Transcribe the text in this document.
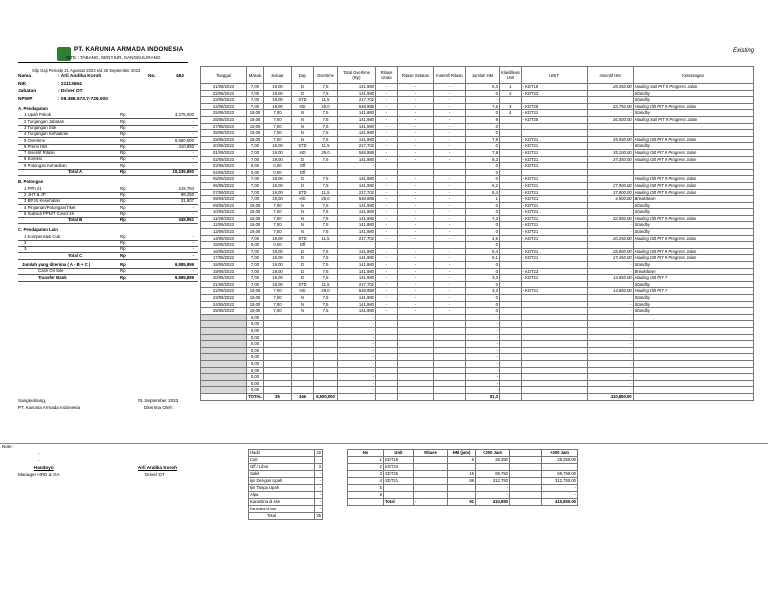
PT. KARUNIA ARMADA INDONESIA
SITE : TABANG, SENYIUR, SANGKULIRANG
Existing
Slip Gaji Periode 21 Agustus 2023 s/d 25 September 2023
Nama	: Arli Andika Koroh	No.	482
NIK	: 21113654
Jabatan	: Driver DT
NPWP	: 09.388.573.7-729.000
A. Pendapatan
1 Upah Pokok	Rp	3,275,000
2 Tunjangan Jabatan	Rp	-
3 Tunjangan Site	Rp	-
4 Tunjangan Kehadiran	Rp	-
5 Overtime	Rp	6,550,000
6 Premi HM	Rp	410,850
7 Insentif Ritase	Rp	-
8 Koreksi	Rp	-
9 Potongan Kehadiran	Rp	-
Total A	Rp	10,235,850
B. Potongan
1 PPh 21	Rp	219,784
2 JHT & JP	Rp	98,250
3 BPJS Kesehatan	Rp	31,907
4 Pinjaman/Potongan/Tiket	Rp	-
5 Subsidi PPN/T Covid-19	Rp	-
Total B	Rp	349,951
C. Pendapatan Lain
1 Kompensasi Cuti	Rp	-
2	Rp	-
3	Rp	-
Total C	Rp	-
Jumlah yang diterima ( A - B + C )	Rp	9,885,899
Cash On Site	Rp	-
Transfer Bank	Rp	9,885,899
Sangkulirang,	01 September 2023
PT. Karunia Armada Indonesia	Diterima Oleh :
Handoyo
Manager HRD & GA
Arli Andika Koroh
Driver DT
Note :
-
-
Tanggal	Masuk	Keluar	Day	Overtime	Total Overtime (Rp)	Ritase Utara	Ritase Selatan	Insentif Ritase	Jumlah HM	Klasifikasi Unit	UNIT	Insentif HM	Keterangan
21/08/2023	7,00	19,00	D	7,5	141,980	-	-	-	6,3	1	- KDT18	28,350.00	Hauling Sail PIT 9 Progress Jalan
22/08/2023	7,00	19,00	D	7,5	141,980	-	-	-	0	2	- KDT23	-	Standby
23/08/2023	7,00	19,00	STD	11,5	217,702	-	-	-	-				Standby
24/08/2023	7,00	19,00	HD	29,0	548,988	-	-	-	7,5	3	- KDT25	33,750.00	Hauling OB PIT 9 Progress Jalan
25/08/2023	19,00	7,00	N	7,5	141,980	-	-	-	0	4	- KDT21	-	Standby
26/08/2023	19,00	7,00	N	7,5	141,980	-	-	-	8		- KDT25	36,000.00	Hauling Sail PIT 9 Progress Jalan
27/08/2023	19,00	7,00	N	7,5	141,980	-	-	-	0			-	
28/08/2023	19,00	7,00	N	7,5	141,980	-	-	-	0			-	
29/08/2023	19,00	7,00	N	7,5	141,980	-	-	-	7,9		- KDT21	35,550.00	Hauling OB PIT 9 Progress Jalan
30/08/2023	7,00	19,00	STD	11,5	217,702	-	-	-	0		- KDT21	-	Standby
01/09/2023	7,00	19,00	HD	29,0	548,988	-	-	-	7,8		- KDT21	35,100.00	Hauling OB PIT 9 Progress Jalan
02/09/2023	7,00	19,00	D	7,5	141,980	-	-	-	8,3		- KDT21	37,350.00	Hauling OB PIT 9 Progress Jalan
03/09/2023	0,00	0,00	Off		-				0		- KDT21		
04/09/2023	0,00	0,00	Off						0				
05/09/2023	7,00	19,00	D	7,5	141,980	-	-	-	0		- KDT21	-	Hauling OB PIT 9 Progress Jalan
06/09/2023	7,00	19,00	D	7,5	141,980	-	-	-	6,2		- KDT21	27,900.00	Hauling OB PIT 9 Progress Jalan
07/09/2023	7,00	19,00	STD	11,5	217,702	-	-	-	8,4		- KDT21	37,800.00	Hauling OB PIT 9 Progress Jalan
08/09/2023	7,00	19,00	HD	29,0	548,988	-	-	-	1		- KDT21	4,500.00	Breakdown
09/09/2023	19,00	7,00	N	7,5	141,980	-	-	-	0		- KDT21	-	Standby
10/09/2023	19,00	7,00	N	7,5	141,980	-	-	-	0		- KDT21	-	Standby
11/09/2023	19,00	7,00	N	7,5	141,980	-	-	-	7,3		- KDT21	32,850.00	Hauling OB PIT 9 Progress Jalan
12/09/2023	19,00	7,00	N	7,5	141,980	-	-	-	0		- KDT21	-	Standby
13/09/2023	19,00	7,00	N	7,5	141,980	-	-	-	0		- KDT21	-	Standby
14/09/2023	7,00	19,00	STD	11,5	217,702	-	-	-	4,5		- KDT21	20,250.00	Hauling OB PIT 9 Progress Jalan
15/09/2023	0,00	0,00	Off						0				
16/09/2023	7,00	19,00	D	7,5	141,980	-	-	-	6,4		- KDT21	28,800.00	Hauling OB PIT 9 Progress Jalan
17/09/2023	7,00	19,00	D	7,5	141,980	-	-	-	6,1		- KDT21	27,450.00	Hauling OB PIT 9 Progress Jalan
18/09/2023	7,00	19,00	D	7,5	141,980	-	-	-	0			-	Standby
19/09/2023	7,00	19,00	D	7,5	141,980	-	-	-	0		- KDT23	-	Breakdown
20/09/2023	7,00	19,00	D	7,5	141,980	-	-	-	3,3		- KDT21	14,850.00	Hauling OB PIT 7
21/09/2023	7,00	19,00	STD	11,5	217,702	-	-	-	0			-	Standby
22/09/2023	19,00	7,00	HD	29,0	548,988	-	-	-	3,3		- KDT21	14,850.00	Hauling OB PIT 7
23/09/2023	19,00	7,00	N	7,5	141,980	-	-	-	0			-	Standby
24/09/2023	19,00	7,00	N	7,5	141,980	-	-	-	0			-	Standby
25/09/2023	19,00	7,00	N	7,5	141,980	-	-	-	0			-	Standby
	0,00				-				-			-	
	0,00				-				-			-	
	0,00				-				-			-	
	0,00				-				-			-	
	0,00				-				-			-	
	0,00				-				-			-	
	0,00				-				-			-	
	0,00				-				-			-	
	0,00				-				-			-	
	0,00				-				-			-	
	0,00				-				-			-	
	0,00				-				-			-	
	TOTAL	35	346	6,550,000					91,3			410,850.00	
Hadir	32
Cuti	-
Off / Libur	3
Sakit	-
Ijin Dengan Upah	-
Ijin Tanpa Upah	-
Alpa	-
Karantina di site	-
Karantina di luar	-
Total	35
No	Unit	Ritase	HM (jam)	<200 Jam		+200 Jam
1	KDT18		6	28,350		28,350.00
2	KDT23					
3	SDT25		16	69,750		69,750.00
4	SDT21		69	312,750		312,750.00
5				-		-
6				-		-
	Total	-	91	410,850		410,850.00
